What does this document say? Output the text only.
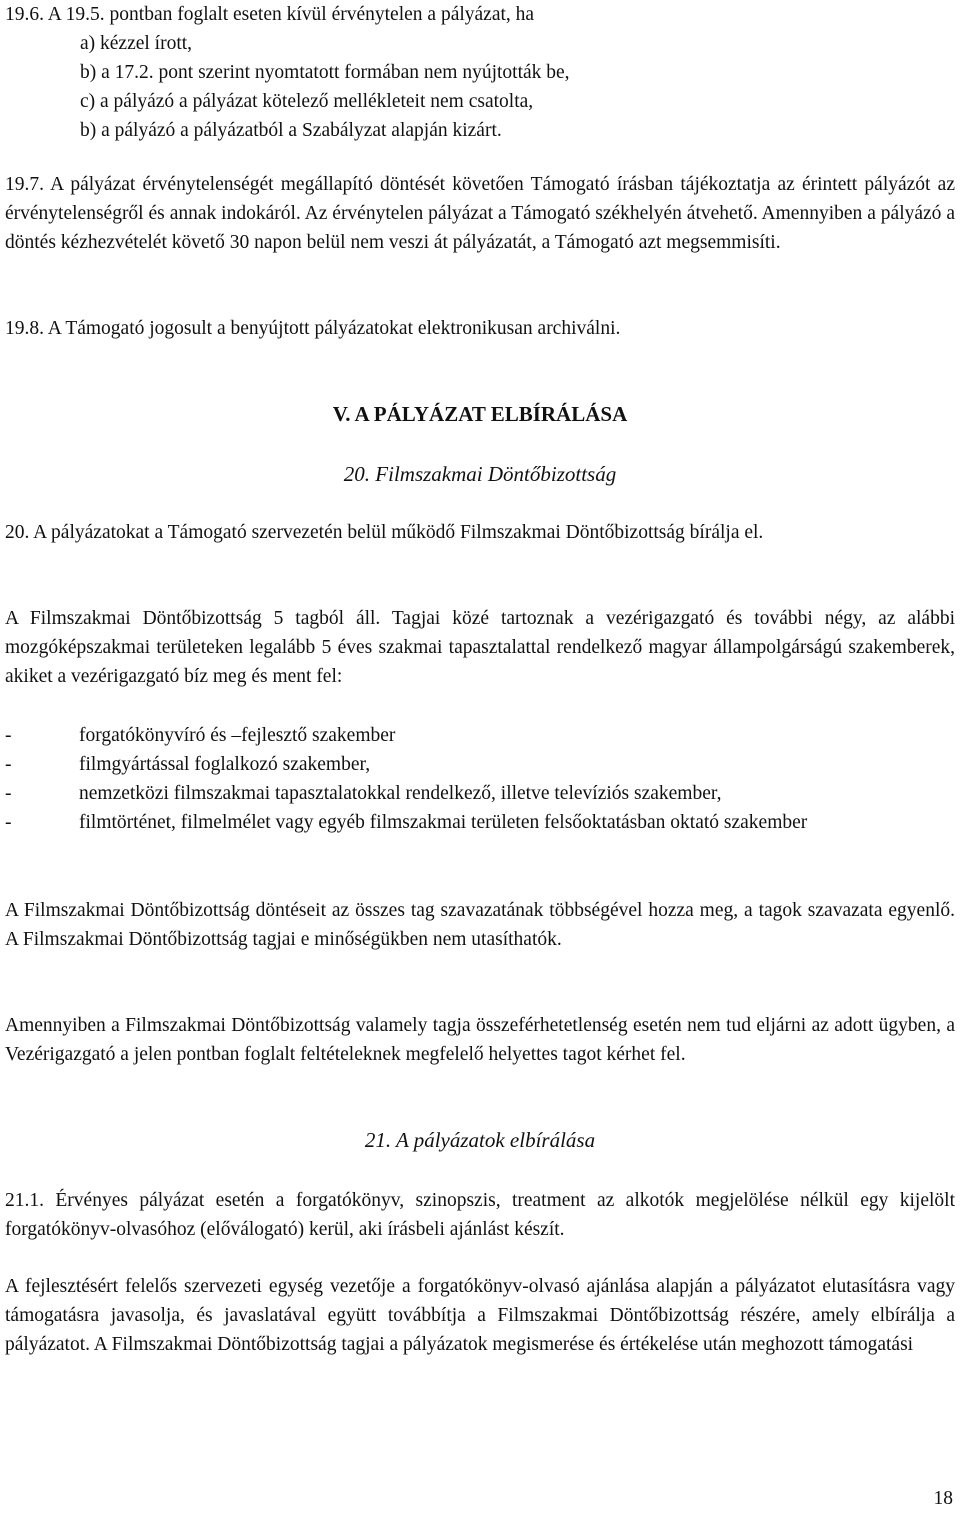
19.6. A 19.5. pontban foglalt eseten kívül érvénytelen a pályázat, ha

a) kézzel írott,

b) a 17.2. pont szerint nyomtatott formában nem nyújtották be,

c) a pályázó a pályázat kötelező mellékleteit nem csatolta,

b) a pályázó a pályázatból a Szabályzat alapján kizárt.

19.7. A pályázat érvénytelenségét megállapító döntését követően Támogató írásban tájékoztatja az érintett pályázót az érvénytelenségről és annak indokáról. Az érvénytelen pályázat a Támogató székhelyén átvehető. Amennyiben a pályázó a döntés kézhezvételét követő 30 napon belül nem veszi át pályázatát, a Támogató azt megsemmisíti.

19.8. A Támogató jogosult a benyújtott pályázatokat elektronikusan archiválni.

V. A PÁLYÁZAT ELBÍRÁLÁSA

20. Filmszakmai Döntőbizottság

20. A pályázatokat a Támogató szervezetén belül működő Filmszakmai Döntőbizottság bírálja el.

A Filmszakmai Döntőbizottság 5 tagból áll. Tagjai közé tartoznak a vezérigazgató és további négy, az alábbi mozgóképszakmai területeken legalább 5 éves szakmai tapasztalattal rendelkező magyar állampolgárságú szakemberek, akiket a vezérigazgató bíz meg és ment fel:

-	forgatókönyvíró és –fejlesztő szakember
-	filmgyártással foglalkozó szakember,
-	nemzetközi filmszakmai tapasztalatokkal rendelkező, illetve televíziós szakember,
-	filmtörténet, filmelmélet vagy egyéb filmszakmai területen felsőoktatásban oktató szakember

A Filmszakmai Döntőbizottság döntéseit az összes tag szavazatának többségével hozza meg, a tagok szavazata egyenlő. A Filmszakmai Döntőbizottság tagjai e minőségükben nem utasíthatók.

Amennyiben a Filmszakmai Döntőbizottság valamely tagja összeférhetetlenség esetén nem tud eljárni az adott ügyben, a Vezérigazgató a jelen pontban foglalt feltételeknek megfelelő helyettes tagot kérhet fel.

21. A pályázatok elbírálása

21.1. Érvényes pályázat esetén a forgatókönyv, szinopszis, treatment az alkotók megjelölése nélkül egy kijelölt forgatókönyv-olvasóhoz (előválogató) kerül, aki írásbeli ajánlást készít.

A fejlesztésért felelős szervezeti egység vezetője a forgatókönyv-olvasó ajánlása alapján a pályázatot elutasításra vagy támogatásra javasolja, és javaslatával együtt továbbítja a Filmszakmai Döntőbizottság részére, amely elbírálja a pályázatot. A Filmszakmai Döntőbizottság tagjai a pályázatok megismerése és értékelése után meghozott támogatási

18
